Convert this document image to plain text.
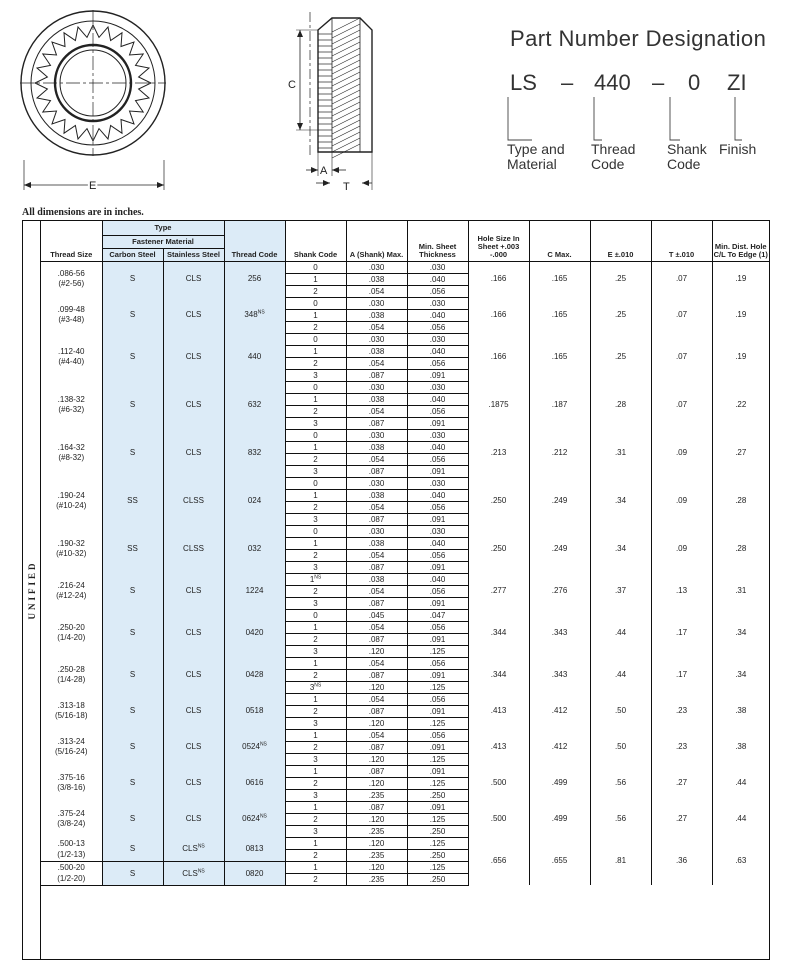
E
C
A
T
Part Number Designation
LS – 440 – 0 ZI
Type and
Material
Thread
Code
Shank
Code
Finish
All dimensions are in inches.
UNIFIED
Thread Size	Type		Thread Code	Shank Code	A (Shank) Max.	Min. Sheet Thickness	Hole Size In Sheet +.003 -.000	C Max.	E ±.010	T ±.010	Min. Dist. Hole C/L To Edge (1)
	Fastener Material										
	Carbon Steel	Stainless Steel									
.086-56
(#2-56)	S	CLS	256	0	.030	.030	.166	.165	.25	.07	.19
				1	.038	.040					
				2	.054	.056					
.099-48
(#3-48)	S	CLS	$348^{NS}$	0	.030	.030	.166	.165	.25	.07	.19
				1	.038	.040					
				2	.054	.056					
.112-40
(#4-40)	S	CLS	440	0	.030	.030	.166	.165	.25	.07	.19
				1	.038	.040					
				2	.054	.056					
				3	.087	.091					
.138-32
(#6-32)	S	CLS	632	0	.030	.030	.1875	.187	.28	.07	.22
				1	.038	.040					
				2	.054	.056					
				3	.087	.091					
.164-32
(#8-32)	S	CLS	832	0	.030	.030	.213	.212	.31	.09	.27
				1	.038	.040					
				2	.054	.056					
				3	.087	.091					
.190-24
(#10-24)	SS	CLSS	024	0	.030	.030	.250	.249	.34	.09	.28
				1	.038	.040					
				2	.054	.056					
				3	.087	.091					
.190-32
(#10-32)	SS	CLSS	032	0	.030	.030	.250	.249	.34	.09	.28
				1	.038	.040					
				2	.054	.056					
				3	.087	.091					
.216-24
(#12-24)	S	CLS	1224	$1^{NS}$	.038	.040	.277	.276	.37	.13	.31
				2	.054	.056					
				3	.087	.091					
.250-20
(1/4-20)	S	CLS	0420	0	.045	.047	.344	.343	.44	.17	.34
				1	.054	.056					
				2	.087	.091					
				3	.120	.125					
.250-28
(1/4-28)	S	CLS	0428	1	.054	.056	.344	.343	.44	.17	.34
				2	.087	.091					
				$3^{NS}$	.120	.125					
.313-18
(5/16-18)	S	CLS	0518	1	.054	.056	.413	.412	.50	.23	.38
				2	.087	.091					
				3	.120	.125					
.313-24
(5/16-24)	S	CLS	$0524^{NS}$	1	.054	.056	.413	.412	.50	.23	.38
				2	.087	.091					
				3	.120	.125					
.375-16
(3/8-16)	S	CLS	0616	1	.087	.091	.500	.499	.56	.27	.44
				2	.120	.125					
				3	.235	.250					
.375-24
(3/8-24)	S	CLS	$0624^{NS}$	1	.087	.091	.500	.499	.56	.27	.44
				2	.120	.125					
				3	.235	.250					
.500-13
(1/2-13)	S	$CLS^{NS}$	0813	1	.120	.125	.656	.655	.81	.36	.63
				2	.235	.250					
.500-20
(1/2-20)	S	$CLS^{NS}$	0820	1	.120	.125					
				2	.235	.250					
